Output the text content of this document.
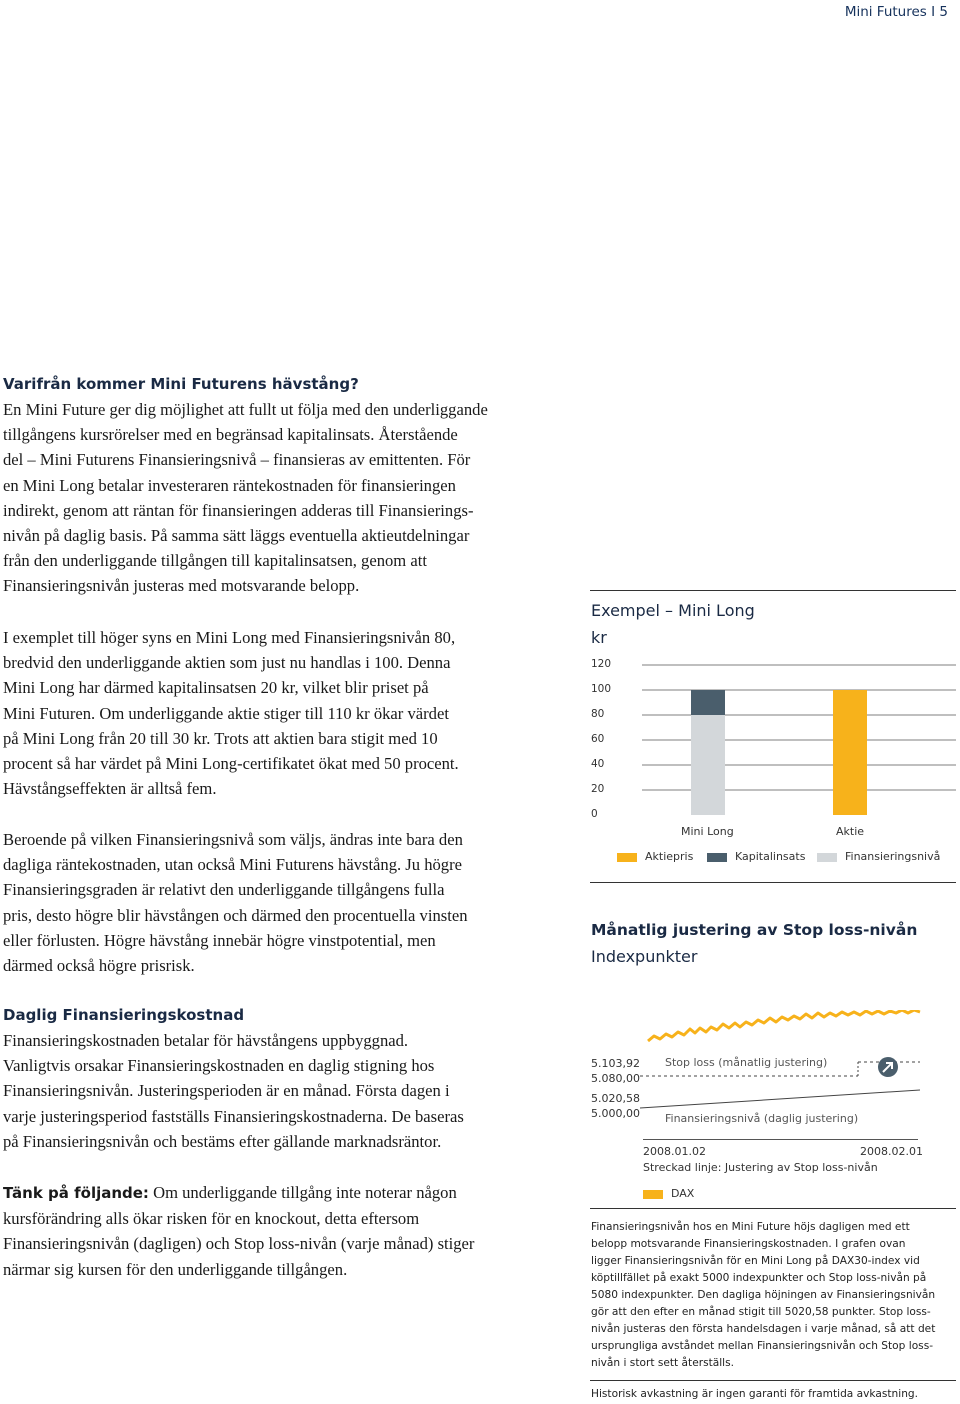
Mini Futures I 5
Varifrån kommer Mini Futurens hävstång?
En Mini Future ger dig möjlighet att fullt ut följa med den underliggande
tillgångens kursrörelser med en begränsad kapitalinsats. Återstående
del – Mini Futurens Finansieringsnivå – finansieras av emittenten. För
en Mini Long betalar investeraren räntekostnaden för finansieringen
indirekt, genom att räntan för finansieringen adderas till Finansierings-
nivån på daglig basis. På samma sätt läggs eventuella aktieutdelningar
från den underliggande tillgången till kapitalinsatsen, genom att
Finansieringsnivån justeras med motsvarande belopp.
I exemplet till höger syns en Mini Long med Finansieringsnivån 80,
bredvid den underliggande aktien som just nu handlas i 100. Denna
Mini Long har därmed kapitalinsatsen 20 kr, vilket blir priset på
Mini Futuren. Om underliggande aktie stiger till 110 kr ökar värdet
på Mini Long från 20 till 30 kr. Trots att aktien bara stigit med 10
procent så har värdet på Mini Long-certifikatet ökat med 50 procent.
Hävstångseffekten är alltså fem.
Beroende på vilken Finansieringsnivå som väljs, ändras inte bara den
dagliga räntekostnaden, utan också Mini Futurens hävstång. Ju högre
Finansieringsgraden är relativt den underliggande tillgångens fulla
pris, desto högre blir hävstången och därmed den procentuella vinsten
eller förlusten. Högre hävstång innebär högre vinstpotential, men
därmed också högre prisrisk.
Daglig Finansieringskostnad
Finansieringskostnaden betalar för hävstångens uppbyggnad.
Vanligtvis orsakar Finansieringskostnaden en daglig stigning hos
Finansieringsnivån. Justeringsperioden är en månad. Första dagen i
varje justeringsperiod fastställs Finansieringskostnaderna. De baseras
på Finansieringsnivån och bestäms efter gällande marknadsräntor.
Tänk på följande: Om underliggande tillgång inte noterar någon
kursförändring alls ökar risken för en knockout, detta eftersom
Finansieringsnivån (dagligen) och Stop loss-nivån (varje månad) stiger
närmar sig kursen för den underliggande tillgången.
Exempel – Mini Long
kr
120
100
80
60
40
20
0
Mini Long	Aktie
Aktiepris	Kapitalinsats	Finansieringsnivå
Månatlig justering av Stop loss-nivån
Indexpunkter
5.103,92
5.080,00
5.020,58
5.000,00
Stop loss (månatlig justering)
Finansieringsnivå (daglig justering)
2008.01.02	2008.02.01
Streckad linje: Justering av Stop loss-nivån
DAX
Finansieringsnivån hos en Mini Future höjs dagligen med ett
belopp motsvarande Finansieringskostnaden. I grafen ovan
ligger Finansieringsnivån för en Mini Long på DAX30-index vid
köptillfället på exakt 5000 indexpunkter och Stop loss-nivån på
5080 indexpunkter. Den dagliga höjningen av Finansieringsnivån
gör att den efter en månad stigit till 5020,58 punkter. Stop loss-
nivån justeras den första handelsdagen i varje månad, så att det
ursprungliga avståndet mellan Finansieringsnivån och Stop loss-
nivån i stort sett återställs.
Historisk avkastning är ingen garanti för framtida avkastning.
